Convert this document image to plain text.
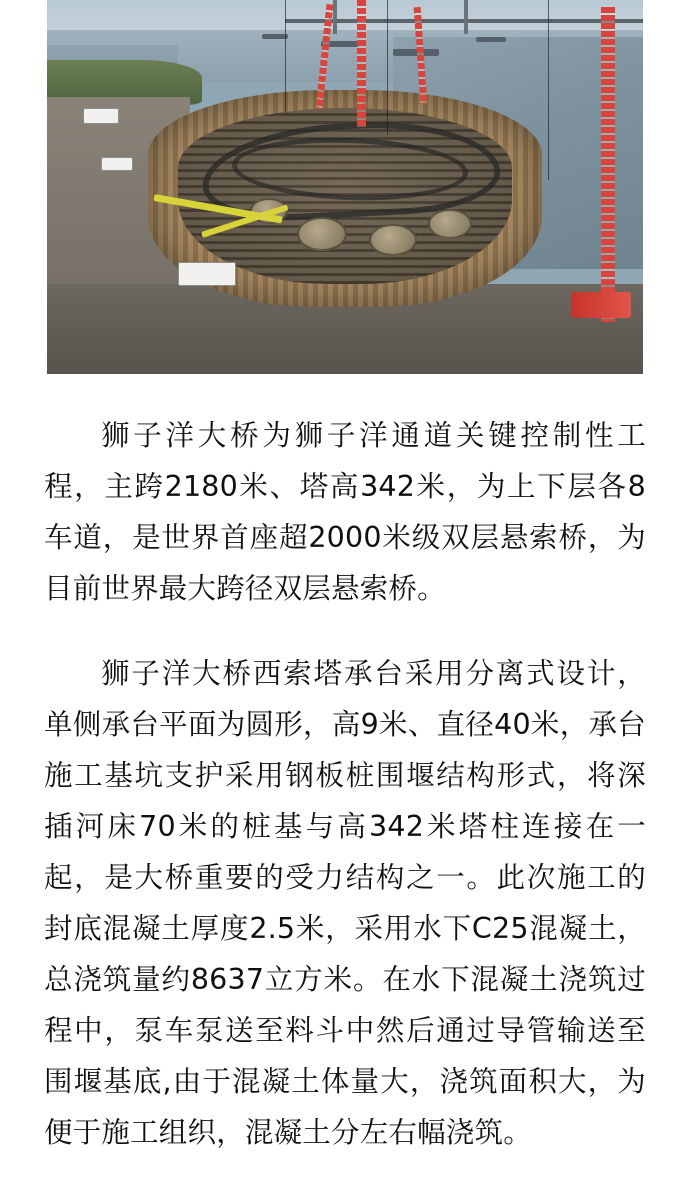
狮子洋大桥为狮子洋通道关键控制性工程，主跨2180米、塔高342米，为上下层各8车道，是世界首座超2000米级双层悬索桥，为目前世界最大跨径双层悬索桥。

狮子洋大桥西索塔承台采用分离式设计，单侧承台平面为圆形，高9米、直径40米，承台施工基坑支护采用钢板桩围堰结构形式，将深插河床70米的桩基与高342米塔柱连接在一起，是大桥重要的受力结构之一。此次施工的封底混凝土厚度2.5米，采用水下C25混凝土，总浇筑量约8637立方米。在水下混凝土浇筑过程中，泵车泵送至料斗中然后通过导管输送至围堰基底,由于混凝土体量大，浇筑面积大，为便于施工组织，混凝土分左右幅浇筑。
